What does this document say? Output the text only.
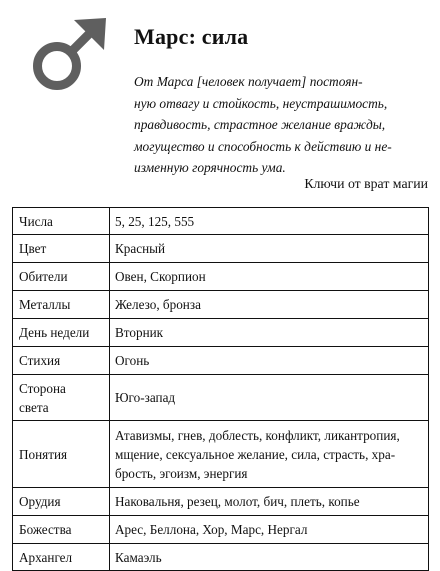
Марс: сила

От Марса [человек получает] постоян-
ную отвагу и стойкость, неустрашимость,
правдивость, страстное желание вражды,
могущество и способность к действию и не-
изменную горячность ума.

Ключи от врат магии

Числа	5, 25, 125, 555
Цвет	Красный
Обители	Овен, Скорпион
Металлы	Железо, бронза
День недели	Вторник
Стихия	Огонь
Сторона
света	Юго-запад
Понятия	Атавизмы, гнев, доблесть, конфликт, ликантропия,
мщение, сексуальное желание, сила, страсть, хра-
брость, эгоизм, энергия
Орудия	Наковальня, резец, молот, бич, плеть, копье
Божества	Арес, Беллона, Хор, Марс, Нергал
Архангел	Камаэль
